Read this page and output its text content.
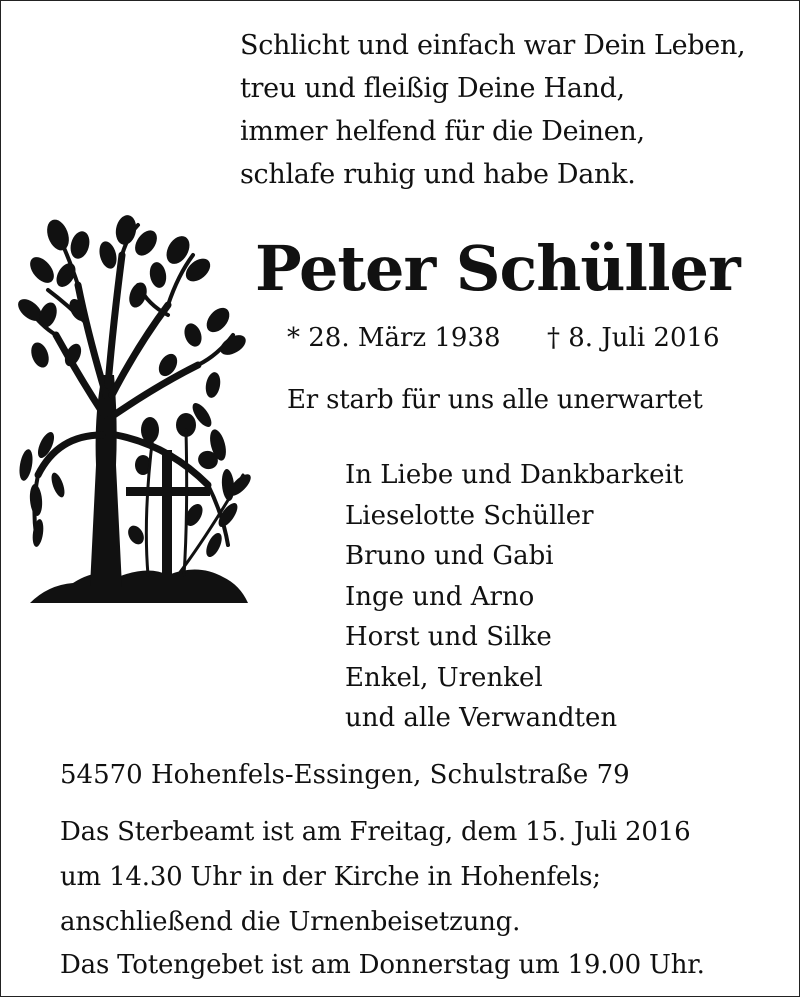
Schlicht und einfach war Dein Leben,
treu und fleißig Deine Hand,
immer helfend für die Deinen,
schlafe ruhig und habe Dank.
Peter Schüller
* 28. März 1938 † 8. Juli 2016
Er starb für uns alle unerwartet
In Liebe und Dankbarkeit
Lieselotte Schüller
Bruno und Gabi
Inge und Arno
Horst und Silke
Enkel, Urenkel
und alle Verwandten
54570 Hohenfels-Essingen, Schulstraße 79
Das Sterbeamt ist am Freitag, dem 15. Juli 2016
um 14.30 Uhr in der Kirche in Hohenfels;
anschließend die Urnenbeisetzung.
Das Totengebet ist am Donnerstag um 19.00 Uhr.
